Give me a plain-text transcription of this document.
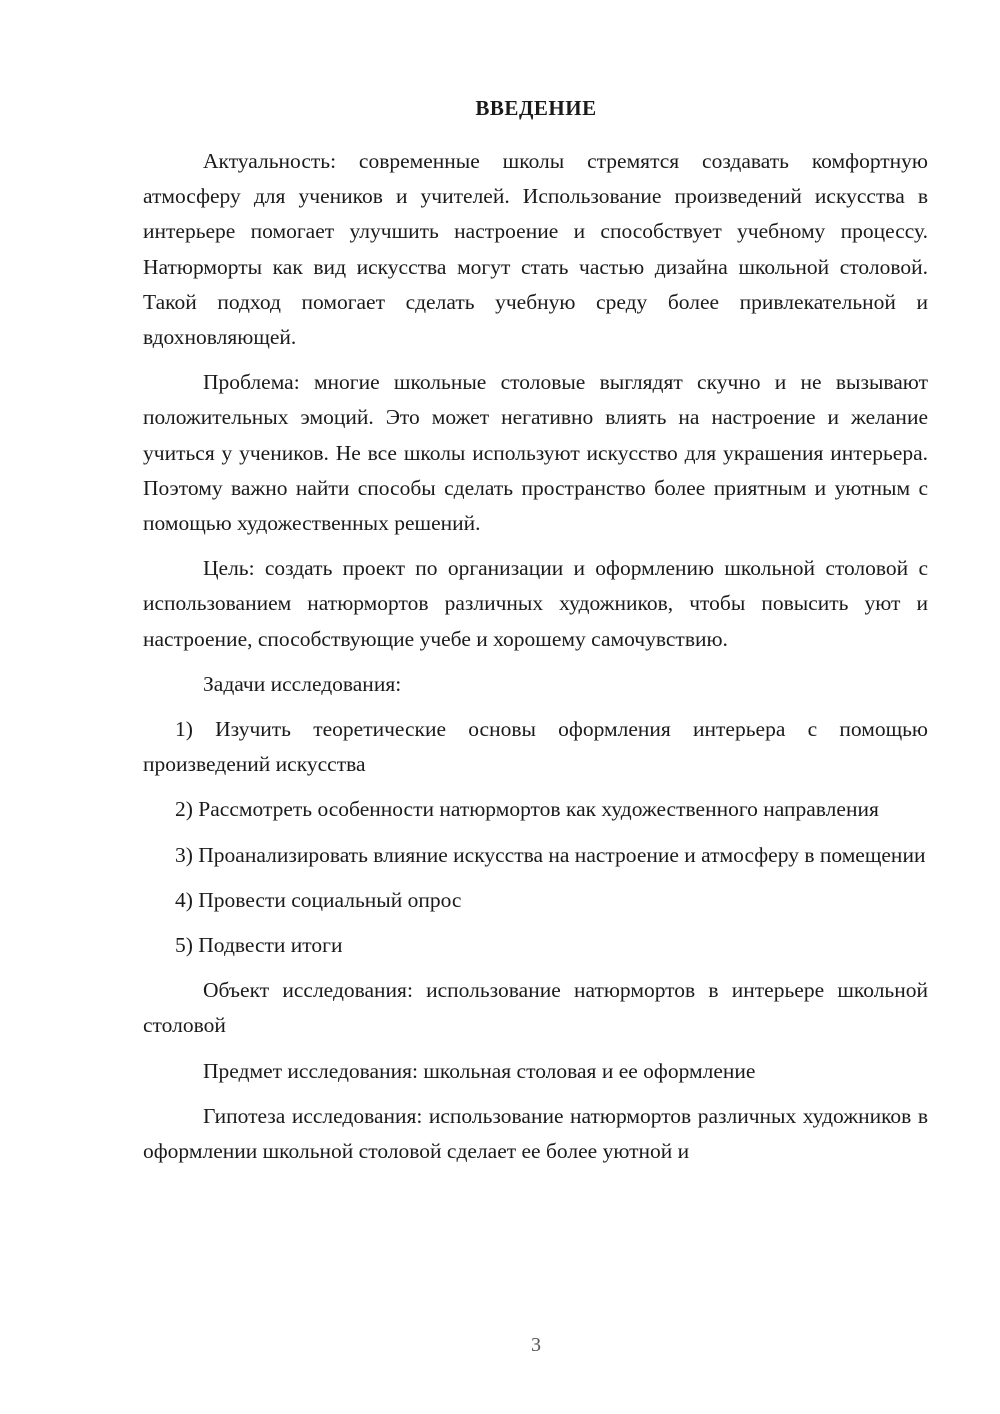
ВВЕДЕНИЕ

Актуальность: современные школы стремятся создавать комфортную атмосферу для учеников и учителей. Использование произведений искусства в интерьере помогает улучшить настроение и способствует учебному процессу. Натюрморты как вид искусства могут стать частью дизайна школьной столовой. Такой подход помогает сделать учебную среду более привлекательной и вдохновляющей.

Проблема: многие школьные столовые выглядят скучно и не вызывают положительных эмоций. Это может негативно влиять на настроение и желание учиться у учеников. Не все школы используют искусство для украшения интерьера. Поэтому важно найти способы сделать пространство более приятным и уютным с помощью художественных решений.

Цель: создать проект по организации и оформлению школьной столовой с использованием натюрмортов различных художников, чтобы повысить уют и настроение, способствующие учебе и хорошему самочувствию.

Задачи исследования:

1) Изучить теоретические основы оформления интерьера с помощью произведений искусства

2) Рассмотреть особенности натюрмортов как художественного направления

3) Проанализировать влияние искусства на настроение и атмосферу в помещении

4) Провести социальный опрос

5) Подвести итоги

Объект исследования: использование натюрмортов в интерьере школьной столовой

Предмет исследования: школьная столовая и ее оформление

Гипотеза исследования: использование натюрмортов различных художников в оформлении школьной столовой сделает ее более уютной и

3
